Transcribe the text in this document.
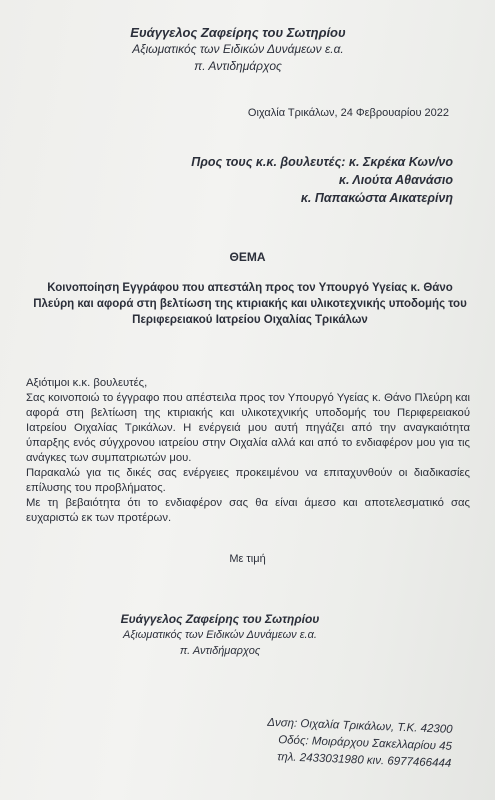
Ευάγγελος Ζαφείρης του Σωτηρίου
Αξιωματικός των Ειδικών Δυνάμεων ε.α.
π. Αντιδημάρχος
Οιχαλία Τρικάλων, 24 Φεβρουαρίου 2022
Προς τους κ.κ. βουλευτές: κ. Σκρέκα Κων/νο
κ. Λιούτα Αθανάσιο
κ. Παπακώστα Αικατερίνη
ΘΕΜΑ
Κοινοποίηση Εγγράφου που απεστάλη προς τον Υπουργό Υγείας κ. Θάνο Πλεύρη και αφορά στη βελτίωση της κτιριακής και υλικοτεχνικής υποδομής του Περιφερειακού Ιατρείου Οιχαλίας Τρικάλων

Αξιότιμοι κ.κ. βουλευτές,

Σας κοινοποιώ το έγγραφο που απέστειλα προς τον Υπουργό Υγείας κ. Θάνο Πλεύρη και αφορά στη βελτίωση της κτιριακής και υλικοτεχνικής υποδομής του Περιφερειακού Ιατρείου Οιχαλίας Τρικάλων. Η ενέργειά μου αυτή πηγάζει από την αναγκαιότητα ύπαρξης ενός σύγχρονου ιατρείου στην Οιχαλία αλλά και από το ενδιαφέρον μου για τις ανάγκες των συμπατριωτών μου.

Παρακαλώ για τις δικές σας ενέργειες προκειμένου να επιταχυνθούν οι διαδικασίες επίλυσης του προβλήματος.

Με τη βεβαιότητα ότι το ενδιαφέρον σας θα είναι άμεσο και αποτελεσματικό σας ευχαριστώ εκ των προτέρων.

Με τιμή
Ευάγγελος Ζαφείρης του Σωτηρίου
Αξιωματικός των Ειδικών Δυνάμεων ε.α.
π. Αντιδήμαρχος
Δνση: Οιχαλία Τρικάλων, Τ.Κ. 42300
Οδός: Μοιράρχου Σακελλαρίου 45
τηλ. 2433031980 κιν. 6977466444
